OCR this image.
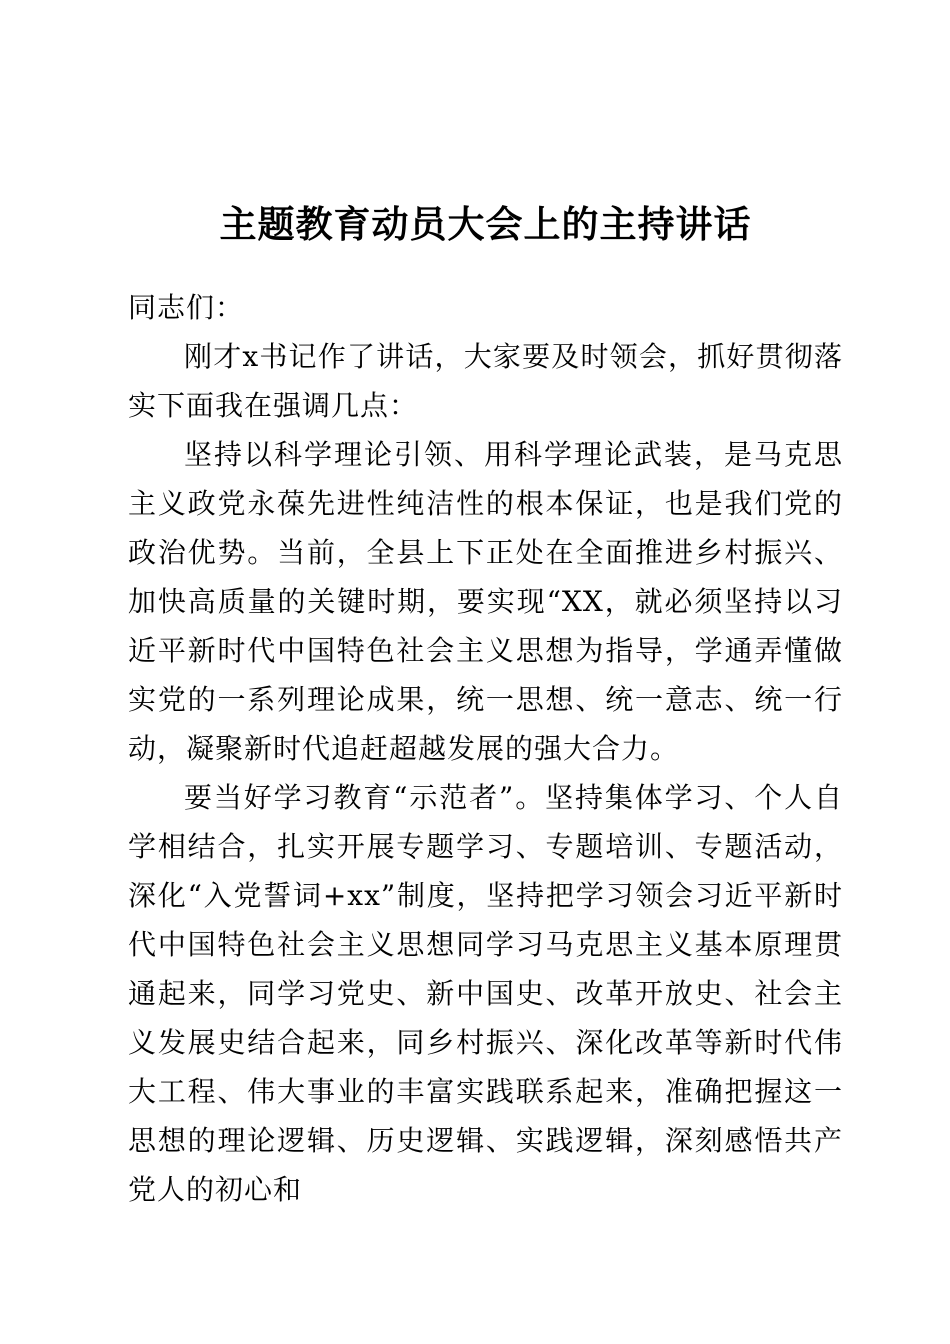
主题教育动员大会上的主持讲话

同志们：

刚才x书记作了讲话，大家要及时领会，抓好贯彻落实下面我在强调几点：

坚持以科学理论引领、用科学理论武装，是马克思主义政党永葆先进性纯洁性的根本保证，也是我们党的政治优势。当前，全县上下正处在全面推进乡村振兴、加快高质量的关键时期，要实现“XX，就必须坚持以习近平新时代中国特色社会主义思想为指导，学通弄懂做实党的一系列理论成果，统一思想、统一意志、统一行动，凝聚新时代追赶超越发展的强大合力。

要当好学习教育“示范者”。坚持集体学习、个人自学相结合，扎实开展专题学习、专题培训、专题活动，深化“入党誓词+xx”制度，坚持把学习领会习近平新时代中国特色社会主义思想同学习马克思主义基本原理贯通起来，同学习党史、新中国史、改革开放史、社会主义发展史结合起来，同乡村振兴、深化改革等新时代伟大工程、伟大事业的丰富实践联系起来，准确把握这一思想的理论逻辑、历史逻辑、实践逻辑，深刻感悟共产党人的初心和
